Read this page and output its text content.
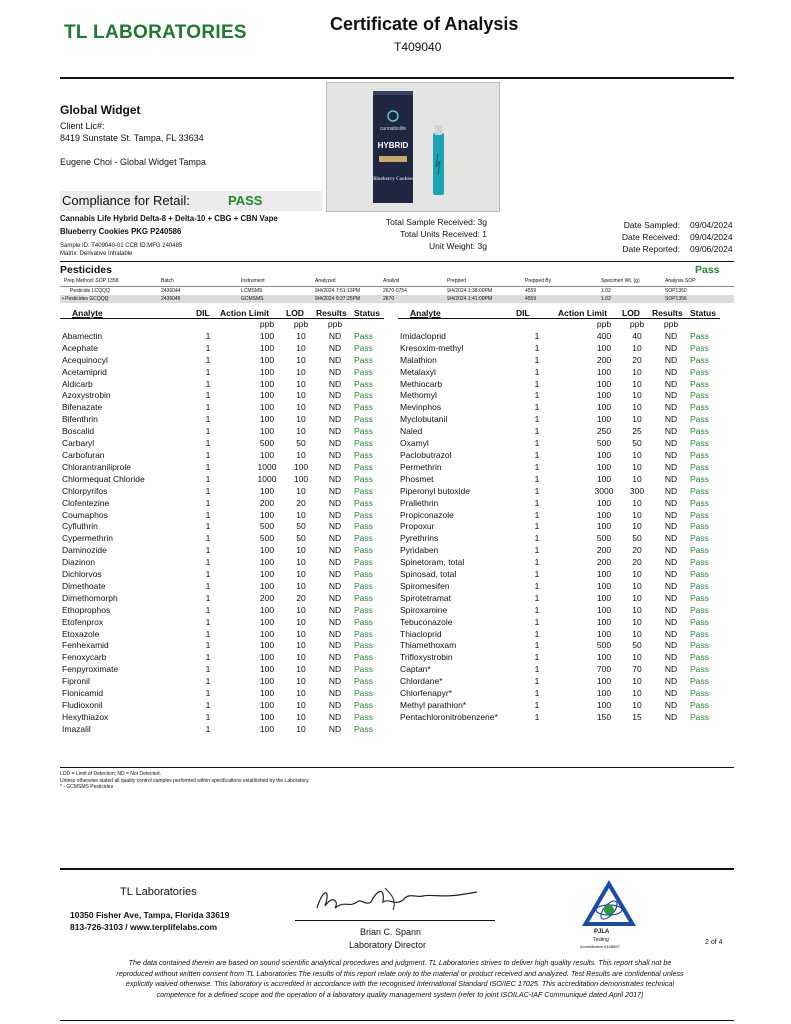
TL LABORATORIES	Certificate of Analysis
T409040
Global Widget
Client Lic#:
8419 Sunstate St. Tampa, FL 33634
Eugene Choi - Global Widget Tampa
Compliance for Retail:	PASS
cannabislife
HYBRID
Blueberry Cookies
Cannabis Life Hybrid Delta-8 + Delta-10 + CBG + CBN Vape
Blueberry Cookies PKG P240586
Sample ID: T409040-01 CCB ID:MFG 240485
Matrix: Derivative Inhalable
Total Sample Received: 3g
Total Units Received: 1
Unit Weight: 3g
Date Sampled:	09/04/2024
Date Received:	09/04/2024
Date Reported:	09/06/2024
Pesticides	Pass
Prep Method: SOP 1358	Batch	Instrument	Analyzed	Analyst	Prepped	Prepped By	Specimen Wt. (g)	Analysis SOP
Pesticide LCQQQ	2436044	LCMSMS	9/4/2024 7:51:13PM	2670-0754	9/4/2024 1:38:00PM	4559	1.02	SOP1350
• Pesticides GCQQQ	2436045	GCMSMS	9/4/2024 9:37:25PM	2670	9/4/2024 1:41:00PM	4559	1.02	SOP1356
Analyte	DIL	Action Limit	LOD	Results	Status
		ppb	ppb	ppb	
Abamectin	1	100	10	ND	Pass
Acephate	1	100	10	ND	Pass
Acequinocyl	1	100	10	ND	Pass
Acetamiprid	1	100	10	ND	Pass
Aldicarb	1	100	10	ND	Pass
Azoxystrobin	1	100	10	ND	Pass
Bifenazate	1	100	10	ND	Pass
Bifenthrin	1	100	10	ND	Pass
Boscalid	1	100	10	ND	Pass
Carbaryl	1	500	50	ND	Pass
Carbofuran	1	100	10	ND	Pass
Chlorantraniliprole	1	1000	100	ND	Pass
Chlormequat Chloride	1	1000	100	ND	Pass
Chlorpyrifos	1	100	10	ND	Pass
Clofentezine	1	200	20	ND	Pass
Coumaphos	1	100	10	ND	Pass
Cyfluthrin	1	500	50	ND	Pass
Cypermethrin	1	500	50	ND	Pass
Daminozide	1	100	10	ND	Pass
Diazinon	1	100	10	ND	Pass
Dichlorvos	1	100	10	ND	Pass
Dimethoate	1	100	10	ND	Pass
Dimethomorph	1	200	20	ND	Pass
Ethoprophos	1	100	10	ND	Pass
Etofenprox	1	100	10	ND	Pass
Etoxazole	1	100	10	ND	Pass
Fenhexamid	1	100	10	ND	Pass
Fenoxycarb	1	100	10	ND	Pass
Fenpyroximate	1	100	10	ND	Pass
Fipronil	1	100	10	ND	Pass
Flonicamid	1	100	10	ND	Pass
Fludioxonil	1	100	10	ND	Pass
Hexythiazox	1	100	10	ND	Pass
Imazalil	1	100	10	ND	Pass
Analyte	DIL	Action Limit	LOD	Results	Status
		ppb	ppb	ppb	
Imidacloprid	1	400	40	ND	Pass
Kresoxim-methyl	1	100	10	ND	Pass
Malathion	1	200	20	ND	Pass
Metalaxyl	1	100	10	ND	Pass
Methiocarb	1	100	10	ND	Pass
Methomyl	1	100	10	ND	Pass
Mevinphos	1	100	10	ND	Pass
Myclobutanil	1	100	10	ND	Pass
Naled	1	250	25	ND	Pass
Oxamyl	1	500	50	ND	Pass
Paclobutrazol	1	100	10	ND	Pass
Permethrin	1	100	10	ND	Pass
Phosmet	1	100	10	ND	Pass
Piperonyl butoxide	1	3000	300	ND	Pass
Prallethrin	1	100	10	ND	Pass
Propiconazole	1	100	10	ND	Pass
Propoxur	1	100	10	ND	Pass
Pyrethrins	1	500	50	ND	Pass
Pyridaben	1	200	20	ND	Pass
Spinetoram, total	1	200	20	ND	Pass
Spinosad, total	1	100	10	ND	Pass
Spiromesifen	1	100	10	ND	Pass
Spirotetramat	1	100	10	ND	Pass
Spiroxamine	1	100	10	ND	Pass
Tebuconazole	1	100	10	ND	Pass
Thiacloprid	1	100	10	ND	Pass
Thiamethoxam	1	500	50	ND	Pass
Trifloxystrobin	1	100	10	ND	Pass
Captan*	1	700	70	ND	Pass
Chlordane*	1	100	10	ND	Pass
Chlorfenapyr*	1	100	10	ND	Pass
Methyl parathion*	1	100	10	ND	Pass
Pentachloronitrobenzene*	1	150	15	ND	Pass
LOD = Limit of Detection; ND = Not Detected.
Unless otherwise stated all quality control samples performed within specifications established by the Laboratory.
* - GCMSMS Pesticides
TL Laboratories
10350 Fisher Ave, Tampa, Florida 33619
813-726-3103 / www.terplifelabs.com	Brian C. Spann
Laboratory Director
PJLA
Testing
Accreditation #108557
2 of 4
The data contained therein are based on sound scientific analytical procedures and judgment. TL Laboratories strives to deliver high quality results. This report shall not be reproduced without written consent from TL Laboratories The results of this report relate only to the material or product received and analyzed. Test Results are confidential unless explicitly waived otherwise. This laboratory is accredited in accordance with the recognised International Standard ISO/IEC 17025. This accreditation demonstrates technical competence for a defined scope and the operation of a laboratory quality management system (refer to joint ISOILAC-IAF Communiqué dated April 2017)
